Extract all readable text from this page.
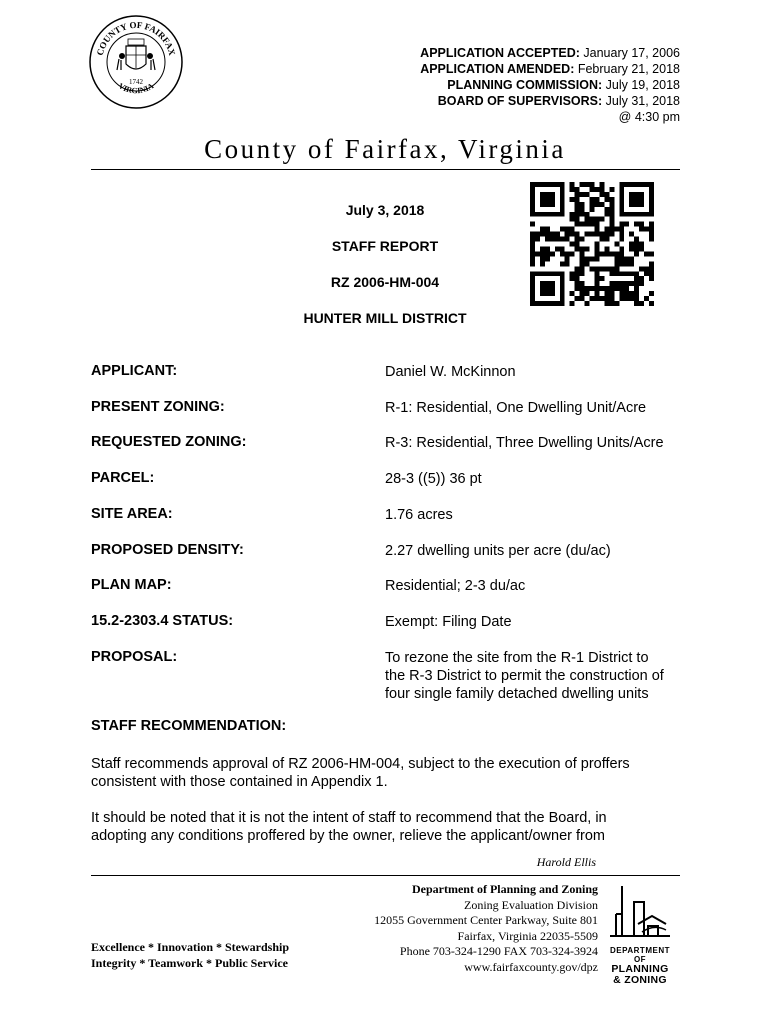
COUNTY OF FAIRFAX
VIRGINIA
1742
APPLICATION ACCEPTED: January 17, 2006
APPLICATION AMENDED: February 21, 2018
PLANNING COMMISSION: July 19, 2018
BOARD OF SUPERVISORS: July 31, 2018
@ 4:30 pm
County of Fairfax, Virginia
July 3, 2018
STAFF REPORT
RZ 2006-HM-004
HUNTER MILL DISTRICT
APPLICANT:	Daniel W. McKinnon
PRESENT ZONING:	R-1: Residential, One Dwelling Unit/Acre
REQUESTED ZONING:	R-3: Residential, Three Dwelling Units/Acre
PARCEL:	28-3 ((5)) 36 pt
SITE AREA:	1.76 acres
PROPOSED DENSITY:	2.27 dwelling units per acre (du/ac)
PLAN MAP:	Residential; 2-3 du/ac
15.2-2303.4 STATUS:	Exempt: Filing Date
PROPOSAL:	To rezone the site from the R-1 District to
the R-3 District to permit the construction of
four single family detached dwelling units
STAFF RECOMMENDATION:
Staff recommends approval of RZ 2006-HM-004, subject to the execution of proffers
consistent with those contained in Appendix 1.
It should be noted that it is not the intent of staff to recommend that the Board, in
adopting any conditions proffered by the owner, relieve the applicant/owner from
Harold Ellis
Department of Planning and Zoning
Zoning Evaluation Division
12055 Government Center Parkway, Suite 801
Fairfax, Virginia 22035-5509
Phone 703-324-1290 FAX 703-324-3924
www.fairfaxcounty.gov/dpz
Excellence * Innovation * Stewardship
Integrity * Teamwork * Public Service
DEPARTMENT OF
PLANNING
& ZONING
